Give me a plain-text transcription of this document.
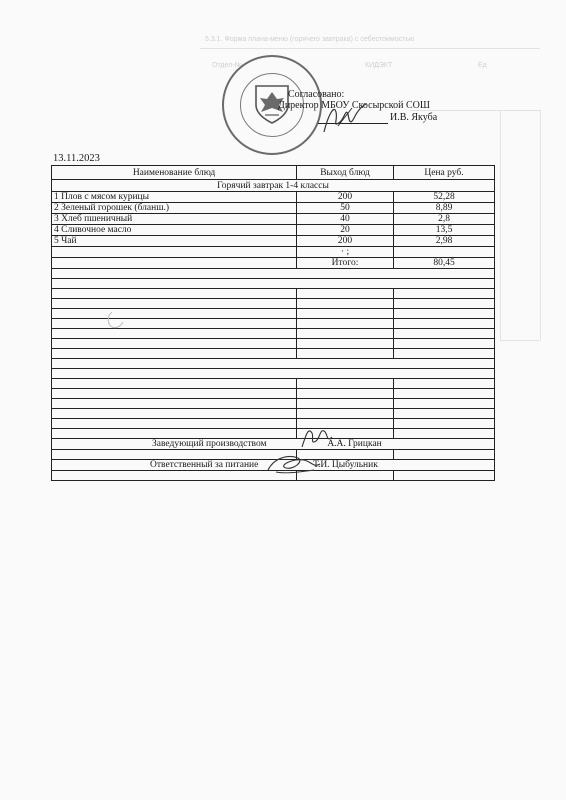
5.3.1. Форма плана-меню (горячего завтрака) с себестоимостью
Отдел-№	КИДЭКТ	Ед
Согласовано:
Директор МБОУ Скосырской СОШ
И.В. Якуба
13.11.2023
Наименование блюд	Выход блюд	Цена руб.
Горячий завтрак 1-4 классы		
1 Плов с мясом курицы	200	52,28
2 Зеленый горошек (бланш.)	50	8,89
3 Хлеб пшеничный	40	2,8
4 Сливочное масло	20	13,5
5 Чай	200	2,98
	· ;	
	Итого:	80,45

Заведующий производством А.А. Грицкан		

Ответственный за питание Т.И. Цыбульник		
